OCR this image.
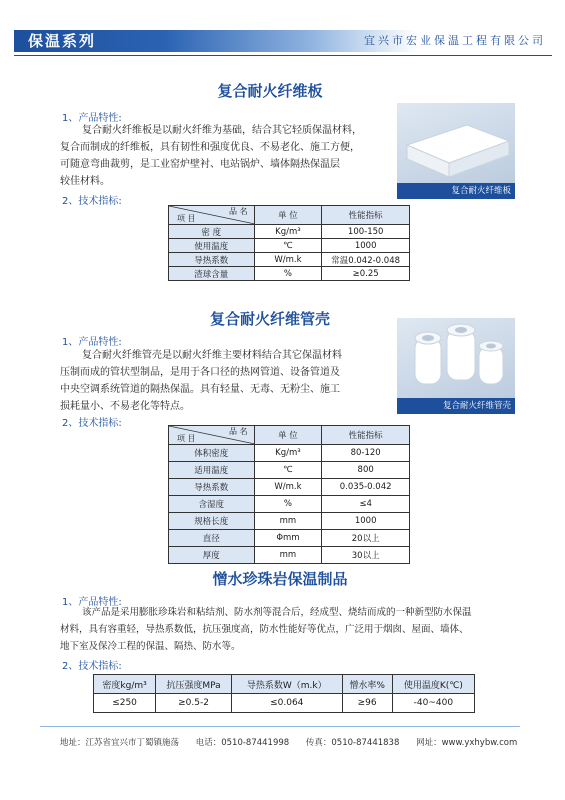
保温系列	宜兴市宏业保温工程有限公司
复合耐火纤维板
1、产品特性:

复合耐火纤维板是以耐火纤维为基础，结合其它轻质保温材料，

复合而制成的纤维板，具有韧性和强度优良、不易老化、施工方便，

可随意弯曲裁剪，是工业窑炉壁衬、电站锅炉、墙体隔热保温层

较佳材料。

2、技术指标:
复合耐火纤维板
品 名
项 目	单 位	性能指标
密 度	Kg/m³	100-150
使用温度	℃	1000
导热系数	W/m.k	常温0.042-0.048
渣球含量	%	≥0.25
复合耐火纤维管壳
1、产品特性:

复合耐火纤维管壳是以耐火纤维主要材料结合其它保温材料

压制而成的管状型制品，是用于各口径的热网管道、设备管道及

中央空调系统管道的隔热保温。具有轻量、无毒、无粉尘、施工

损耗量小、不易老化等特点。

2、技术指标:
复合耐火纤维管壳
品 名
项 目	单 位	性能指标
体积密度	Kg/m³	80-120
适用温度	℃	800
导热系数	W/m.k	0.035-0.042
含湿度	%	≤4
规格长度	mm	1000
直径	Φmm	20以上
厚度	mm	30以上
憎水珍珠岩保温制品
1、产品特性:

该产品是采用膨胀珍珠岩和粘结剂、防水剂等混合后，经成型、烧结而成的一种新型防水保温

材料，具有容重轻，导热系数低，抗压强度高，防水性能好等优点，广泛用于烟囱、屋面、墙体、

地下室及保冷工程的保温、隔热、防水等。

2、技术指标:
密度kg/m³	抗压强度MPa	导热系数W（m.k）	憎水率%	使用温度K(℃)
≤250	≥0.5-2	≤0.064	≥96	-40~400
地址：江苏省宜兴市丁蜀镇施荡 电话：0510-87441998 传真：0510-87441838 网址：www.yxhybw.com
